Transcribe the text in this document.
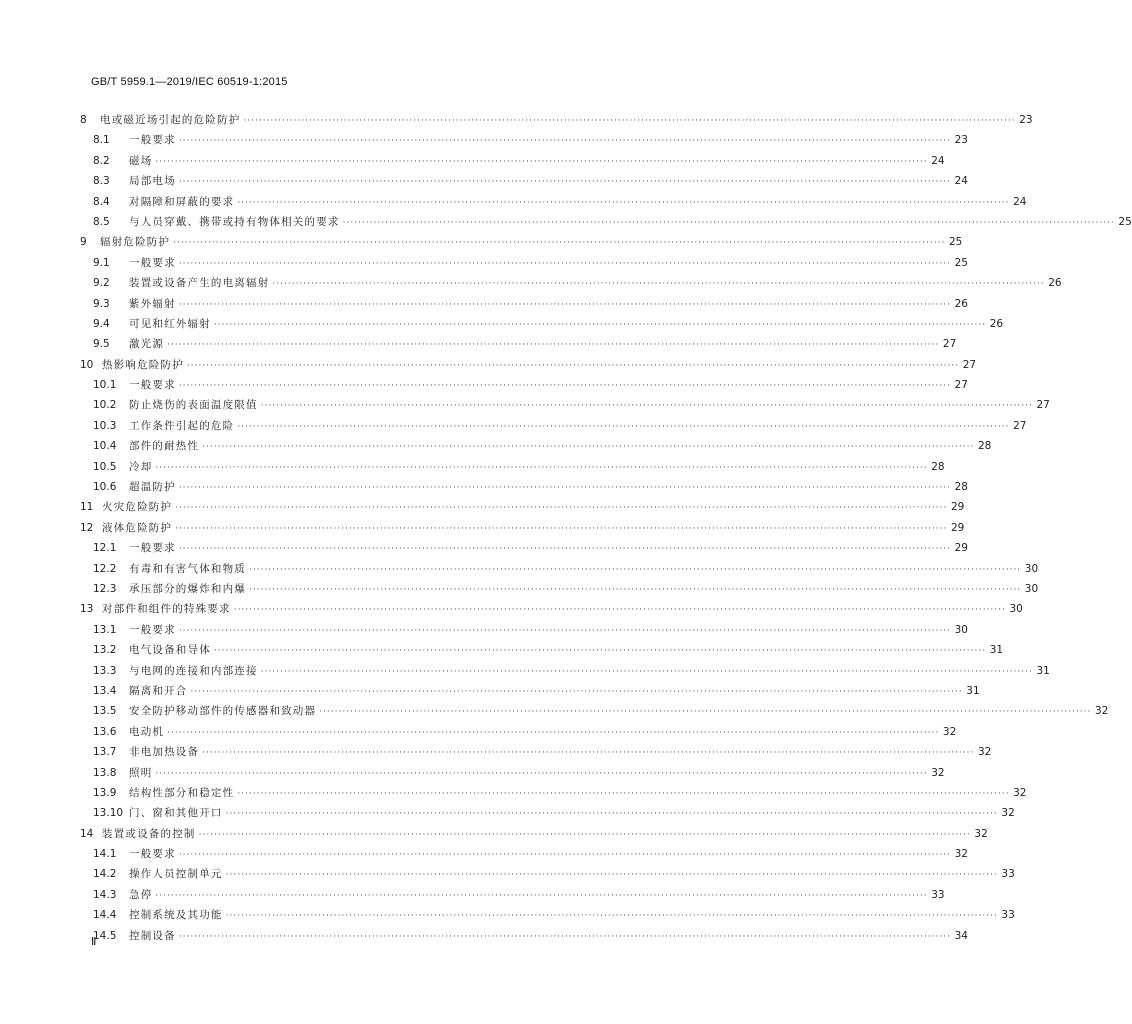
GB/T 5959.1—2019/IEC 60519-1:2015
8	电或磁近场引起的危险防护 ········································································································································································································ 23
8.1	一般要求 ········································································································································································································ 23
8.2	磁场 ········································································································································································································ 24
8.3	局部电场 ········································································································································································································ 24
8.4	对隔障和屏蔽的要求 ········································································································································································································ 24
8.5	与人员穿戴、携带或持有物体相关的要求 ········································································································································································································ 25
9	辐射危险防护 ········································································································································································································ 25
9.1	一般要求 ········································································································································································································ 25
9.2	装置或设备产生的电离辐射 ········································································································································································································ 26
9.3	紫外辐射 ········································································································································································································ 26
9.4	可见和红外辐射 ········································································································································································································ 26
9.5	激光源 ········································································································································································································ 27
10 热影响危险防护 ········································································································································································································ 27
10.1	一般要求 ········································································································································································································ 27
10.2	防止烧伤的表面温度限值 ········································································································································································································ 27
10.3	工作条件引起的危险 ········································································································································································································ 27
10.4	部件的耐热性 ········································································································································································································ 28
10.5	冷却 ········································································································································································································ 28
10.6	超温防护 ········································································································································································································ 28
11 火灾危险防护 ········································································································································································································ 29
12 液体危险防护 ········································································································································································································ 29
12.1	一般要求 ········································································································································································································ 29
12.2	有毒和有害气体和物质 ········································································································································································································ 30
12.3	承压部分的爆炸和内爆 ········································································································································································································ 30
13 对部件和组件的特殊要求 ········································································································································································································ 30
13.1	一般要求 ········································································································································································································ 30
13.2	电气设备和导体 ········································································································································································································ 31
13.3	与电网的连接和内部连接 ········································································································································································································ 31
13.4	隔离和开合 ········································································································································································································ 31
13.5	安全防护移动部件的传感器和致动器 ········································································································································································································ 32
13.6	电动机 ········································································································································································································ 32
13.7	非电加热设备 ········································································································································································································ 32
13.8	照明 ········································································································································································································ 32
13.9	结构性部分和稳定性 ········································································································································································································ 32
13.10 门、窗和其他开口 ········································································································································································································ 32
14 装置或设备的控制 ········································································································································································································ 32
14.1	一般要求 ········································································································································································································ 32
14.2	操作人员控制单元 ········································································································································································································ 33
14.3	急停 ········································································································································································································ 33
14.4	控制系统及其功能 ········································································································································································································ 33
14.5	控制设备 ········································································································································································································ 34
Ⅱ
